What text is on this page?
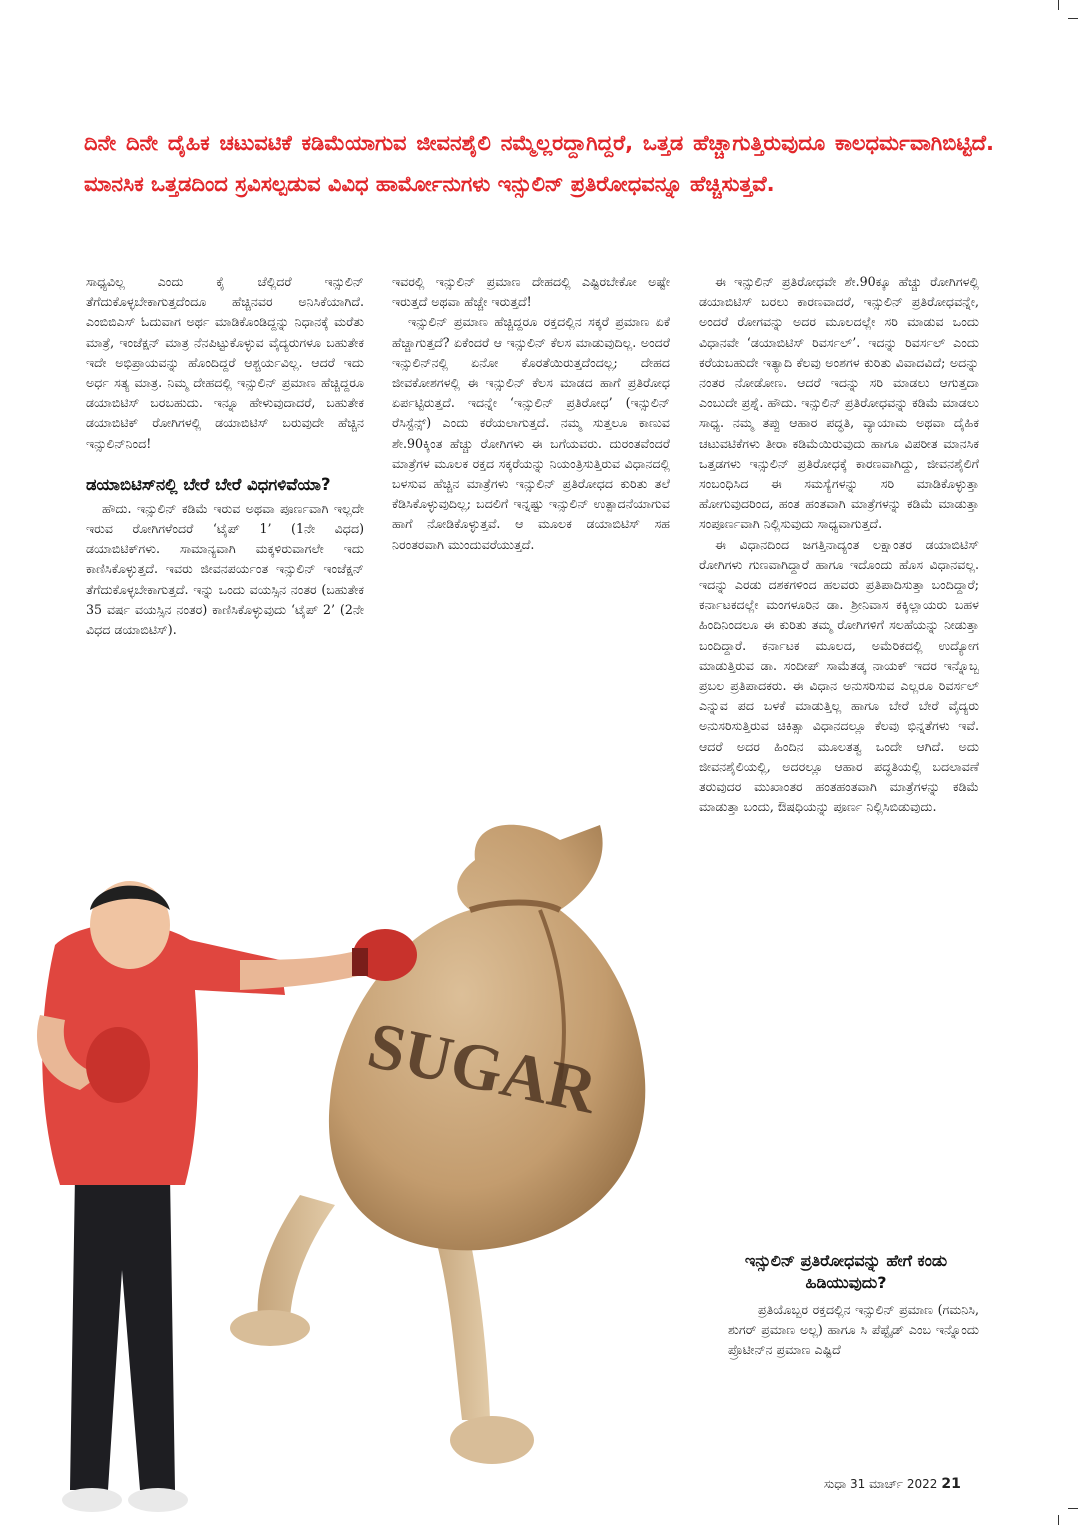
ದಿನೇ ದಿನೇ ದೈಹಿಕ ಚಟುವಟಿಕೆ ಕಡಿಮೆಯಾಗುವ ಜೀವನಶೈಲಿ ನಮ್ಮೆಲ್ಲರದ್ದಾಗಿದ್ದರೆ, ಒತ್ತಡ ಹೆಚ್ಚಾಗುತ್ತಿರುವುದೂ ಕಾಲಧರ್ಮವಾಗಿಬಿಟ್ಟಿದೆ. ಮಾನಸಿಕ ಒತ್ತಡದಿಂದ ಸ್ರವಿಸಲ್ಪಡುವ ವಿವಿಧ ಹಾರ್ಮೋನುಗಳು ಇನ್ಸುಲಿನ್ ಪ್ರತಿರೋಧವನ್ನೂ ಹೆಚ್ಚಿಸುತ್ತವೆ.

ಸಾಧ್ಯವಿಲ್ಲ ಎಂದು ಕೈ ಚೆಲ್ಲಿದರೆ ಇನ್ಸುಲಿನ್ ತೆಗೆದುಕೊಳ್ಳಬೇಕಾಗುತ್ತದೆಂದೂ ಹೆಚ್ಚಿನವರ ಅನಿಸಿಕೆಯಾಗಿದೆ. ಎಂಬಿಬಿಎಸ್ ಓದುವಾಗ ಅರ್ಥ ಮಾಡಿಕೊಂಡಿದ್ದನ್ನು ನಿಧಾನಕ್ಕೆ ಮರೆತು ಮಾತ್ರೆ, ಇಂಜೆಕ್ಷನ್ ಮಾತ್ರ ನೆನಪಿಟ್ಟುಕೊಳ್ಳುವ ವೈದ್ಯರುಗಳೂ ಬಹುತೇಕ ಇದೇ ಅಭಿಪ್ರಾಯವನ್ನು ಹೊಂದಿದ್ದರೆ ಆಶ್ಚರ್ಯವಿಲ್ಲ. ಆದರೆ ಇದು ಅರ್ಧ ಸತ್ಯ ಮಾತ್ರ. ನಿಮ್ಮ ದೇಹದಲ್ಲಿ ಇನ್ಸುಲಿನ್ ಪ್ರಮಾಣ ಹೆಚ್ಚಿದ್ದರೂ ಡಯಾಬಿಟಿಸ್ ಬರಬಹುದು. ಇನ್ನೂ ಹೇಳುವುದಾದರೆ, ಬಹುತೇಕ ಡಯಾಬಿಟಿಕ್ ರೋಗಿಗಳಲ್ಲಿ ಡಯಾಬಿಟಿಸ್ ಬರುವುದೇ ಹೆಚ್ಚಿನ ಇನ್ಸುಲಿನ್‌ನಿಂದ!

ಡಯಾಬಿಟಿಸ್‌ನಲ್ಲಿ ಬೇರೆ ಬೇರೆ ವಿಧಗಳಿವೆಯಾ?

ಹೌದು. ಇನ್ಸುಲಿನ್ ಕಡಿಮೆ ಇರುವ ಅಥವಾ ಪೂರ್ಣವಾಗಿ ಇಲ್ಲದೇ ಇರುವ ರೋಗಿಗಳೆಂದರೆ ‘ಟೈಪ್ 1’ (1ನೇ ವಿಧದ) ಡಯಾಬಿಟಿಕ್‌ಗಳು. ಸಾಮಾನ್ಯವಾಗಿ ಮಕ್ಕಳಿರುವಾಗಲೇ ಇದು ಕಾಣಿಸಿಕೊಳ್ಳುತ್ತದೆ. ಇವರು ಜೀವನಪರ್ಯಂತ ಇನ್ಸುಲಿನ್ ಇಂಜೆಕ್ಷನ್ ತೆಗೆದುಕೊಳ್ಳಬೇಕಾಗುತ್ತದೆ. ಇನ್ನು ಒಂದು ವಯಸ್ಸಿನ ನಂತರ (ಬಹುತೇಕ 35 ವರ್ಷ ವಯಸ್ಸಿನ ನಂತರ) ಕಾಣಿಸಿಕೊಳ್ಳುವುದು ‘ಟೈಪ್ 2’ (2ನೇ ವಿಧದ ಡಯಾಬಿಟಿಸ್).

ಇವರಲ್ಲಿ ಇನ್ಸುಲಿನ್ ಪ್ರಮಾಣ ದೇಹದಲ್ಲಿ ಎಷ್ಟಿರಬೇಕೋ ಅಷ್ಟೇ ಇರುತ್ತದೆ ಅಥವಾ ಹೆಚ್ಚೇ ಇರುತ್ತದೆ!

ಇನ್ಸುಲಿನ್ ಪ್ರಮಾಣ ಹೆಚ್ಚಿದ್ದರೂ ರಕ್ತದಲ್ಲಿನ ಸಕ್ಕರೆ ಪ್ರಮಾಣ ಏಕೆ ಹೆಚ್ಚಾಗುತ್ತದೆ? ಏಕೆಂದರೆ ಆ ಇನ್ಸುಲಿನ್ ಕೆಲಸ ಮಾಡುವುದಿಲ್ಲ. ಅಂದರೆ ಇನ್ಸುಲಿನ್‌ನಲ್ಲಿ ಏನೋ ಕೊರತೆಯಿರುತ್ತದೆಂದಲ್ಲ; ದೇಹದ ಜೀವಕೋಶಗಳಲ್ಲಿ ಈ ಇನ್ಸುಲಿನ್ ಕೆಲಸ ಮಾಡದ ಹಾಗೆ ಪ್ರತಿರೋಧ ಏರ್ಪಟ್ಟಿರುತ್ತದೆ. ಇದನ್ನೇ ‘ಇನ್ಸುಲಿನ್ ಪ್ರತಿರೋಧ’ (ಇನ್ಸುಲಿನ್ ರೆಸಿಸ್ಟೆನ್ಸ್) ಎಂದು ಕರೆಯಲಾಗುತ್ತದೆ. ನಮ್ಮ ಸುತ್ತಲೂ ಕಾಣುವ ಶೇ.90ಕ್ಕಿಂತ ಹೆಚ್ಚು ರೋಗಿಗಳು ಈ ಬಗೆಯವರು. ದುರಂತವೆಂದರೆ ಮಾತ್ರೆಗಳ ಮೂಲಕ ರಕ್ತದ ಸಕ್ಕರೆಯನ್ನು ನಿಯಂತ್ರಿಸುತ್ತಿರುವ ವಿಧಾನದಲ್ಲಿ ಬಳಸುವ ಹೆಚ್ಚಿನ ಮಾತ್ರೆಗಳು ಇನ್ಸುಲಿನ್ ಪ್ರತಿರೋಧದ ಕುರಿತು ತಲೆ ಕೆಡಿಸಿಕೊಳ್ಳುವುದಿಲ್ಲ; ಬದಲಿಗೆ ಇನ್ನಷ್ಟು ಇನ್ಸುಲಿನ್ ಉತ್ಪಾದನೆಯಾಗುವ ಹಾಗೆ ನೋಡಿಕೊಳ್ಳುತ್ತವೆ. ಆ ಮೂಲಕ ಡಯಾಬಿಟಿಸ್ ಸಹ ನಿರಂತರವಾಗಿ ಮುಂದುವರೆಯುತ್ತದೆ.

ಈ ಇನ್ಸುಲಿನ್ ಪ್ರತಿರೋಧವೇ ಶೇ.90ಕ್ಕೂ ಹೆಚ್ಚು ರೋಗಿಗಳಲ್ಲಿ ಡಯಾಬಿಟಿಸ್ ಬರಲು ಕಾರಣವಾದರೆ, ಇನ್ಸುಲಿನ್ ಪ್ರತಿರೋಧವನ್ನೇ, ಅಂದರೆ ರೋಗವನ್ನು ಅದರ ಮೂಲದಲ್ಲೇ ಸರಿ ಮಾಡುವ ಒಂದು ವಿಧಾನವೇ ‘ಡಯಾಬಿಟಿಸ್ ರಿವರ್ಸಲ್’. ಇದನ್ನು ರಿವರ್ಸಲ್ ಎಂದು ಕರೆಯಬಹುದೇ ಇತ್ಯಾದಿ ಕೆಲವು ಅಂಶಗಳ ಕುರಿತು ವಿವಾದವಿದೆ; ಅದನ್ನು ನಂತರ ನೋಡೋಣ. ಆದರೆ ಇದನ್ನು ಸರಿ ಮಾಡಲು ಆಗುತ್ತದಾ ಎಂಬುದೇ ಪ್ರಶ್ನೆ. ಹೌದು. ಇನ್ಸುಲಿನ್ ಪ್ರತಿರೋಧವನ್ನು ಕಡಿಮೆ ಮಾಡಲು ಸಾಧ್ಯ. ನಮ್ಮ ತಪ್ಪು ಆಹಾರ ಪದ್ಧತಿ, ವ್ಯಾಯಾಮ ಅಥವಾ ದೈಹಿಕ ಚಟುವಟಿಕೆಗಳು ತೀರಾ ಕಡಿಮೆಯಿರುವುದು ಹಾಗೂ ವಿಪರೀತ ಮಾನಸಿಕ ಒತ್ತಡಗಳು ಇನ್ಸುಲಿನ್ ಪ್ರತಿರೋಧಕ್ಕೆ ಕಾರಣವಾಗಿದ್ದು, ಜೀವನಶೈಲಿಗೆ ಸಂಬಂಧಿಸಿದ ಈ ಸಮಸ್ಯೆಗಳನ್ನು ಸರಿ ಮಾಡಿಕೊಳ್ಳುತ್ತಾ ಹೋಗುವುದರಿಂದ, ಹಂತ ಹಂತವಾಗಿ ಮಾತ್ರೆಗಳನ್ನು ಕಡಿಮೆ ಮಾಡುತ್ತಾ ಸಂಪೂರ್ಣವಾಗಿ ನಿಲ್ಲಿಸುವುದು ಸಾಧ್ಯವಾಗುತ್ತದೆ.

ಈ ವಿಧಾನದಿಂದ ಜಗತ್ತಿನಾದ್ಯಂತ ಲಕ್ಷಾಂತರ ಡಯಾಬಿಟಿಸ್ ರೋಗಿಗಳು ಗುಣವಾಗಿದ್ದಾರೆ ಹಾಗೂ ಇದೊಂದು ಹೊಸ ವಿಧಾನವಲ್ಲ. ಇದನ್ನು ಎರಡು ದಶಕಗಳಿಂದ ಹಲವರು ಪ್ರತಿಪಾದಿಸುತ್ತಾ ಬಂದಿದ್ದಾರೆ; ಕರ್ನಾಟಕದಲ್ಲೇ ಮಂಗಳೂರಿನ ಡಾ. ಶ್ರೀನಿವಾಸ ಕಕ್ಕಿಲ್ಲಾಯರು ಬಹಳ ಹಿಂದಿನಿಂದಲೂ ಈ ಕುರಿತು ತಮ್ಮ ರೋಗಿಗಳಿಗೆ ಸಲಹೆಯನ್ನು ನೀಡುತ್ತಾ ಬಂದಿದ್ದಾರೆ. ಕರ್ನಾಟಕ ಮೂಲದ, ಅಮೆರಿಕದಲ್ಲಿ ಉದ್ಯೋಗ ಮಾಡುತ್ತಿರುವ ಡಾ. ಸಂದೀಪ್ ಸಾಮೆತಡ್ಕ ನಾಯಕ್ ಇದರ ಇನ್ನೊಬ್ಬ ಪ್ರಬಲ ಪ್ರತಿಪಾದಕರು. ಈ ವಿಧಾನ ಅನುಸರಿಸುವ ಎಲ್ಲರೂ ರಿವರ್ಸಲ್ ಎನ್ನುವ ಪದ ಬಳಕೆ ಮಾಡುತ್ತಿಲ್ಲ ಹಾಗೂ ಬೇರೆ ಬೇರೆ ವೈದ್ಯರು ಅನುಸರಿಸುತ್ತಿರುವ ಚಿಕಿತ್ಸಾ ವಿಧಾನದಲ್ಲೂ ಕೆಲವು ಭಿನ್ನತೆಗಳು ಇವೆ. ಆದರೆ ಅದರ ಹಿಂದಿನ ಮೂಲತತ್ವ ಒಂದೇ ಆಗಿದೆ. ಅದು ಜೀವನಶೈಲಿಯಲ್ಲಿ, ಅದರಲ್ಲೂ ಆಹಾರ ಪದ್ಧತಿಯಲ್ಲಿ ಬದಲಾವಣೆ ತರುವುದರ ಮುಖಾಂತರ ಹಂತಹಂತವಾಗಿ ಮಾತ್ರೆಗಳನ್ನು ಕಡಿಮೆ ಮಾಡುತ್ತಾ ಬಂದು, ಔಷಧಿಯನ್ನು ಪೂರ್ಣ ನಿಲ್ಲಿಸಿಬಿಡುವುದು.

ಇನ್ಸುಲಿನ್ ಪ್ರತಿರೋಧವನ್ನು ಹೇಗೆ ಕಂಡು ಹಿಡಿಯುವುದು?

ಪ್ರತಿಯೊಬ್ಬರ ರಕ್ತದಲ್ಲಿನ ಇನ್ಸುಲಿನ್ ಪ್ರಮಾಣ (ಗಮನಿಸಿ, ಶುಗರ್ ಪ್ರಮಾಣ ಅಲ್ಲ) ಹಾಗೂ ಸಿ ಪೆಪ್ಟೈಡ್ ಎಂಬ ಇನ್ನೊಂದು ಪ್ರೊಟೀನ್‌ನ ಪ್ರಮಾಣ ಎಷ್ಟಿದೆ

SUGAR
ಸುಧಾ 31 ಮಾರ್ಚ್ 2022 21
